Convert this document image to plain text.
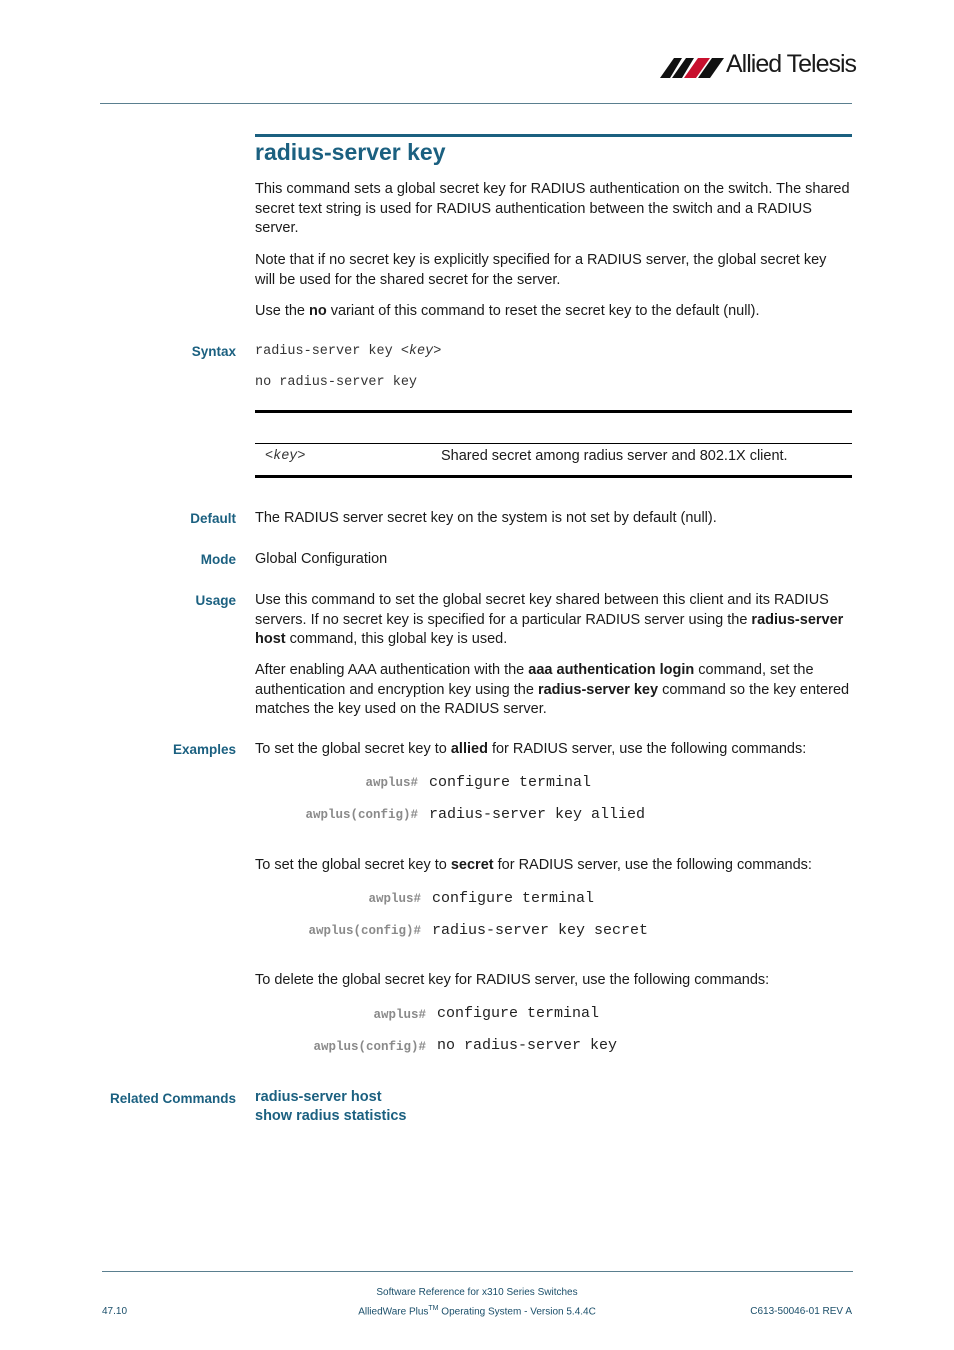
Allied Telesis
radius-server key
This command sets a global secret key for RADIUS authentication on the switch. The shared secret text string is used for RADIUS authentication between the switch and a RADIUS server.
Note that if no secret key is explicitly specified for a RADIUS server, the global secret key will be used for the shared secret for the server.
Use the no variant of this command to reset the secret key to the default (null).
Syntax radius-server key <key>
no radius-server key
<key>	Shared secret among radius server and 802.1X client.
Default The RADIUS server secret key on the system is not set by default (null).
Mode Global Configuration
Usage Use this command to set the global secret key shared between this client and its RADIUS servers. If no secret key is specified for a particular RADIUS server using the radius-server host command, this global key is used.
After enabling AAA authentication with the aaa authentication login command, set the authentication and encryption key using the radius-server key command so the key entered matches the key used on the RADIUS server.
Examples To set the global secret key to allied for RADIUS server, use the following commands:
awplus# configure terminal
awplus(config)# radius-server key allied
To set the global secret key to secret for RADIUS server, use the following commands:
awplus# configure terminal
awplus(config)# radius-server key secret
To delete the global secret key for RADIUS server, use the following commands:
awplus# configure terminal
awplus(config)# no radius-server key
Related Commands radius-server host
show radius statistics
Software Reference for x310 Series Switches
AlliedWare Plus™ Operating System - Version 5.4.4C
47.10	C613-50046-01 REV A
